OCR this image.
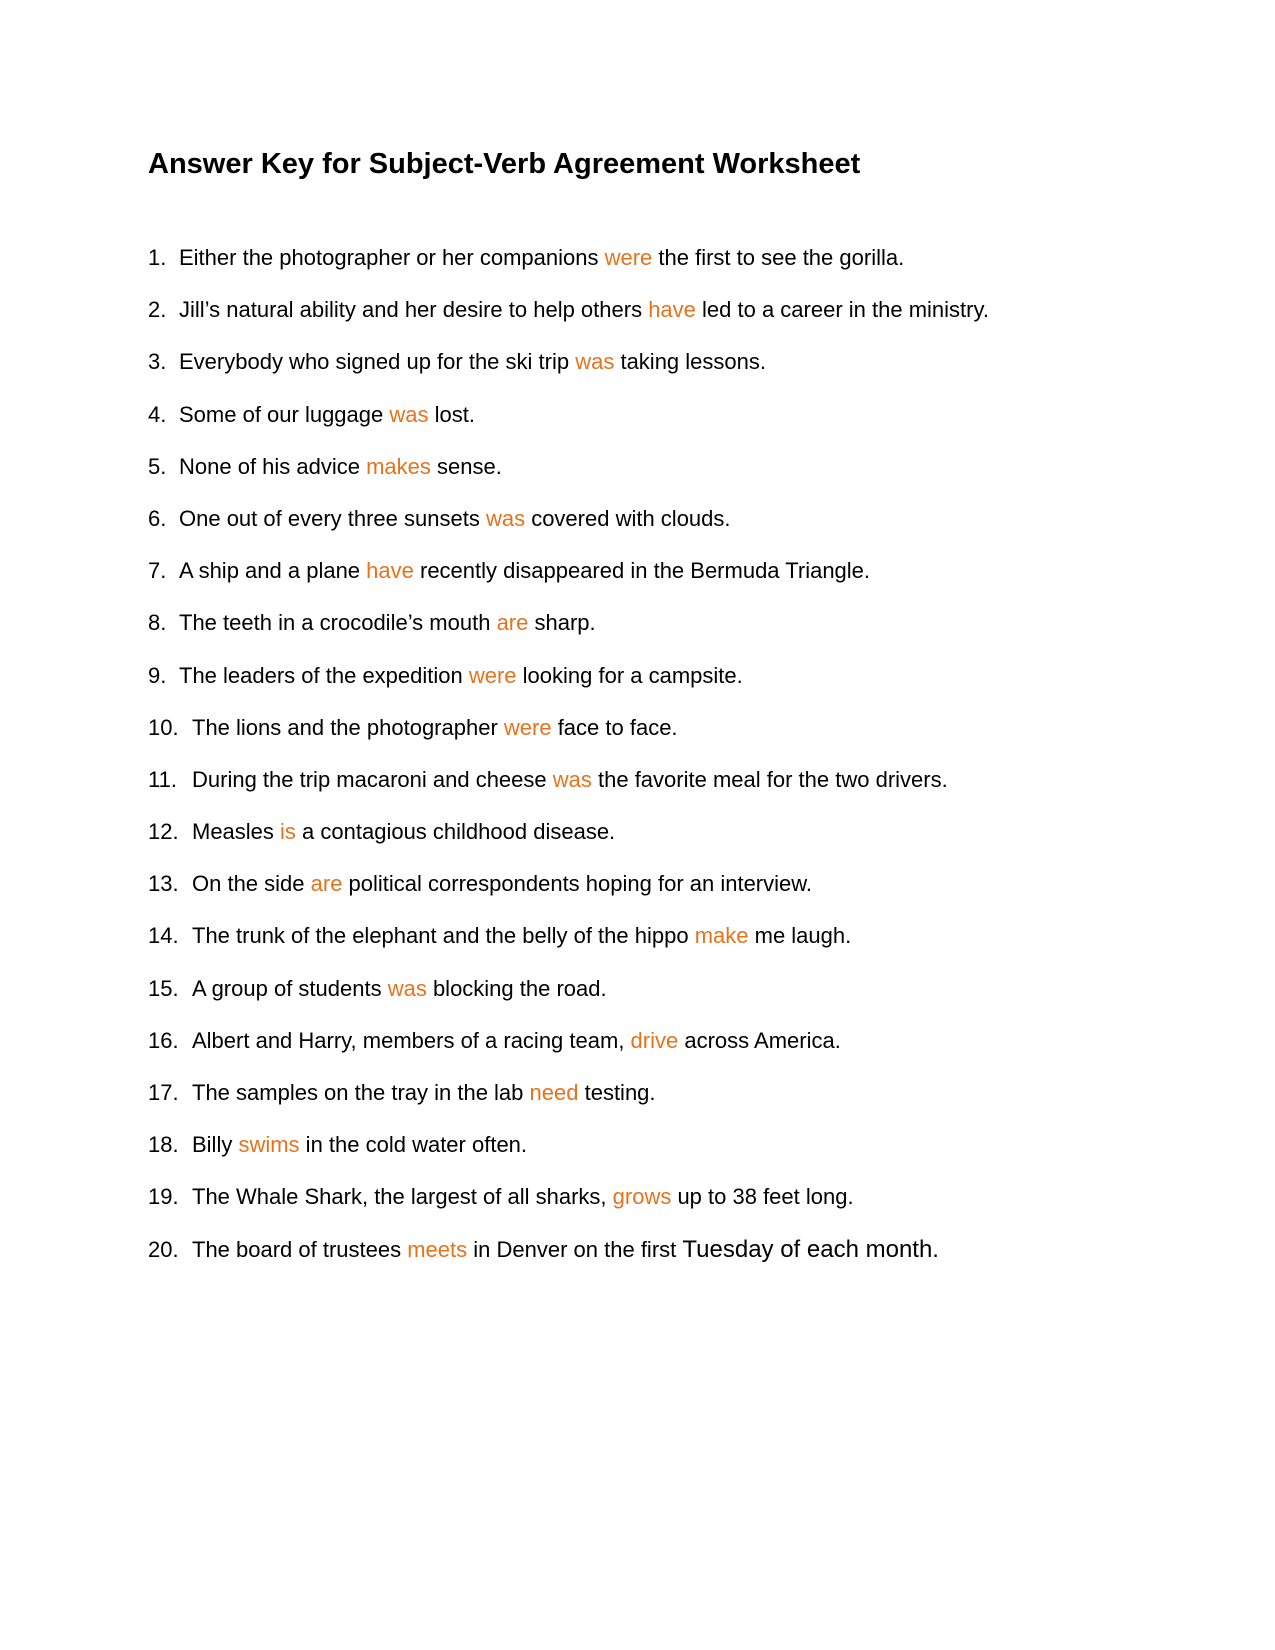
Answer Key for Subject-Verb Agreement Worksheet
1. Either the photographer or her companions were the first to see the gorilla.
2. Jill’s natural ability and her desire to help others have led to a career in the ministry.
3. Everybody who signed up for the ski trip was taking lessons.
4. Some of our luggage was lost.
5. None of his advice makes sense.
6. One out of every three sunsets was covered with clouds.
7. A ship and a plane have recently disappeared in the Bermuda Triangle.
8. The teeth in a crocodile’s mouth are sharp.
9. The leaders of the expedition were looking for a campsite.
10. The lions and the photographer were face to face.
11. During the trip macaroni and cheese was the favorite meal for the two drivers.
12. Measles is a contagious childhood disease.
13. On the side are political correspondents hoping for an interview.
14. The trunk of the elephant and the belly of the hippo make me laugh.
15. A group of students was blocking the road.
16. Albert and Harry, members of a racing team, drive across America.
17. The samples on the tray in the lab need testing.
18. Billy swims in the cold water often.
19. The Whale Shark, the largest of all sharks, grows up to 38 feet long.
20. The board of trustees meets in Denver on the first Tuesday of each month.
